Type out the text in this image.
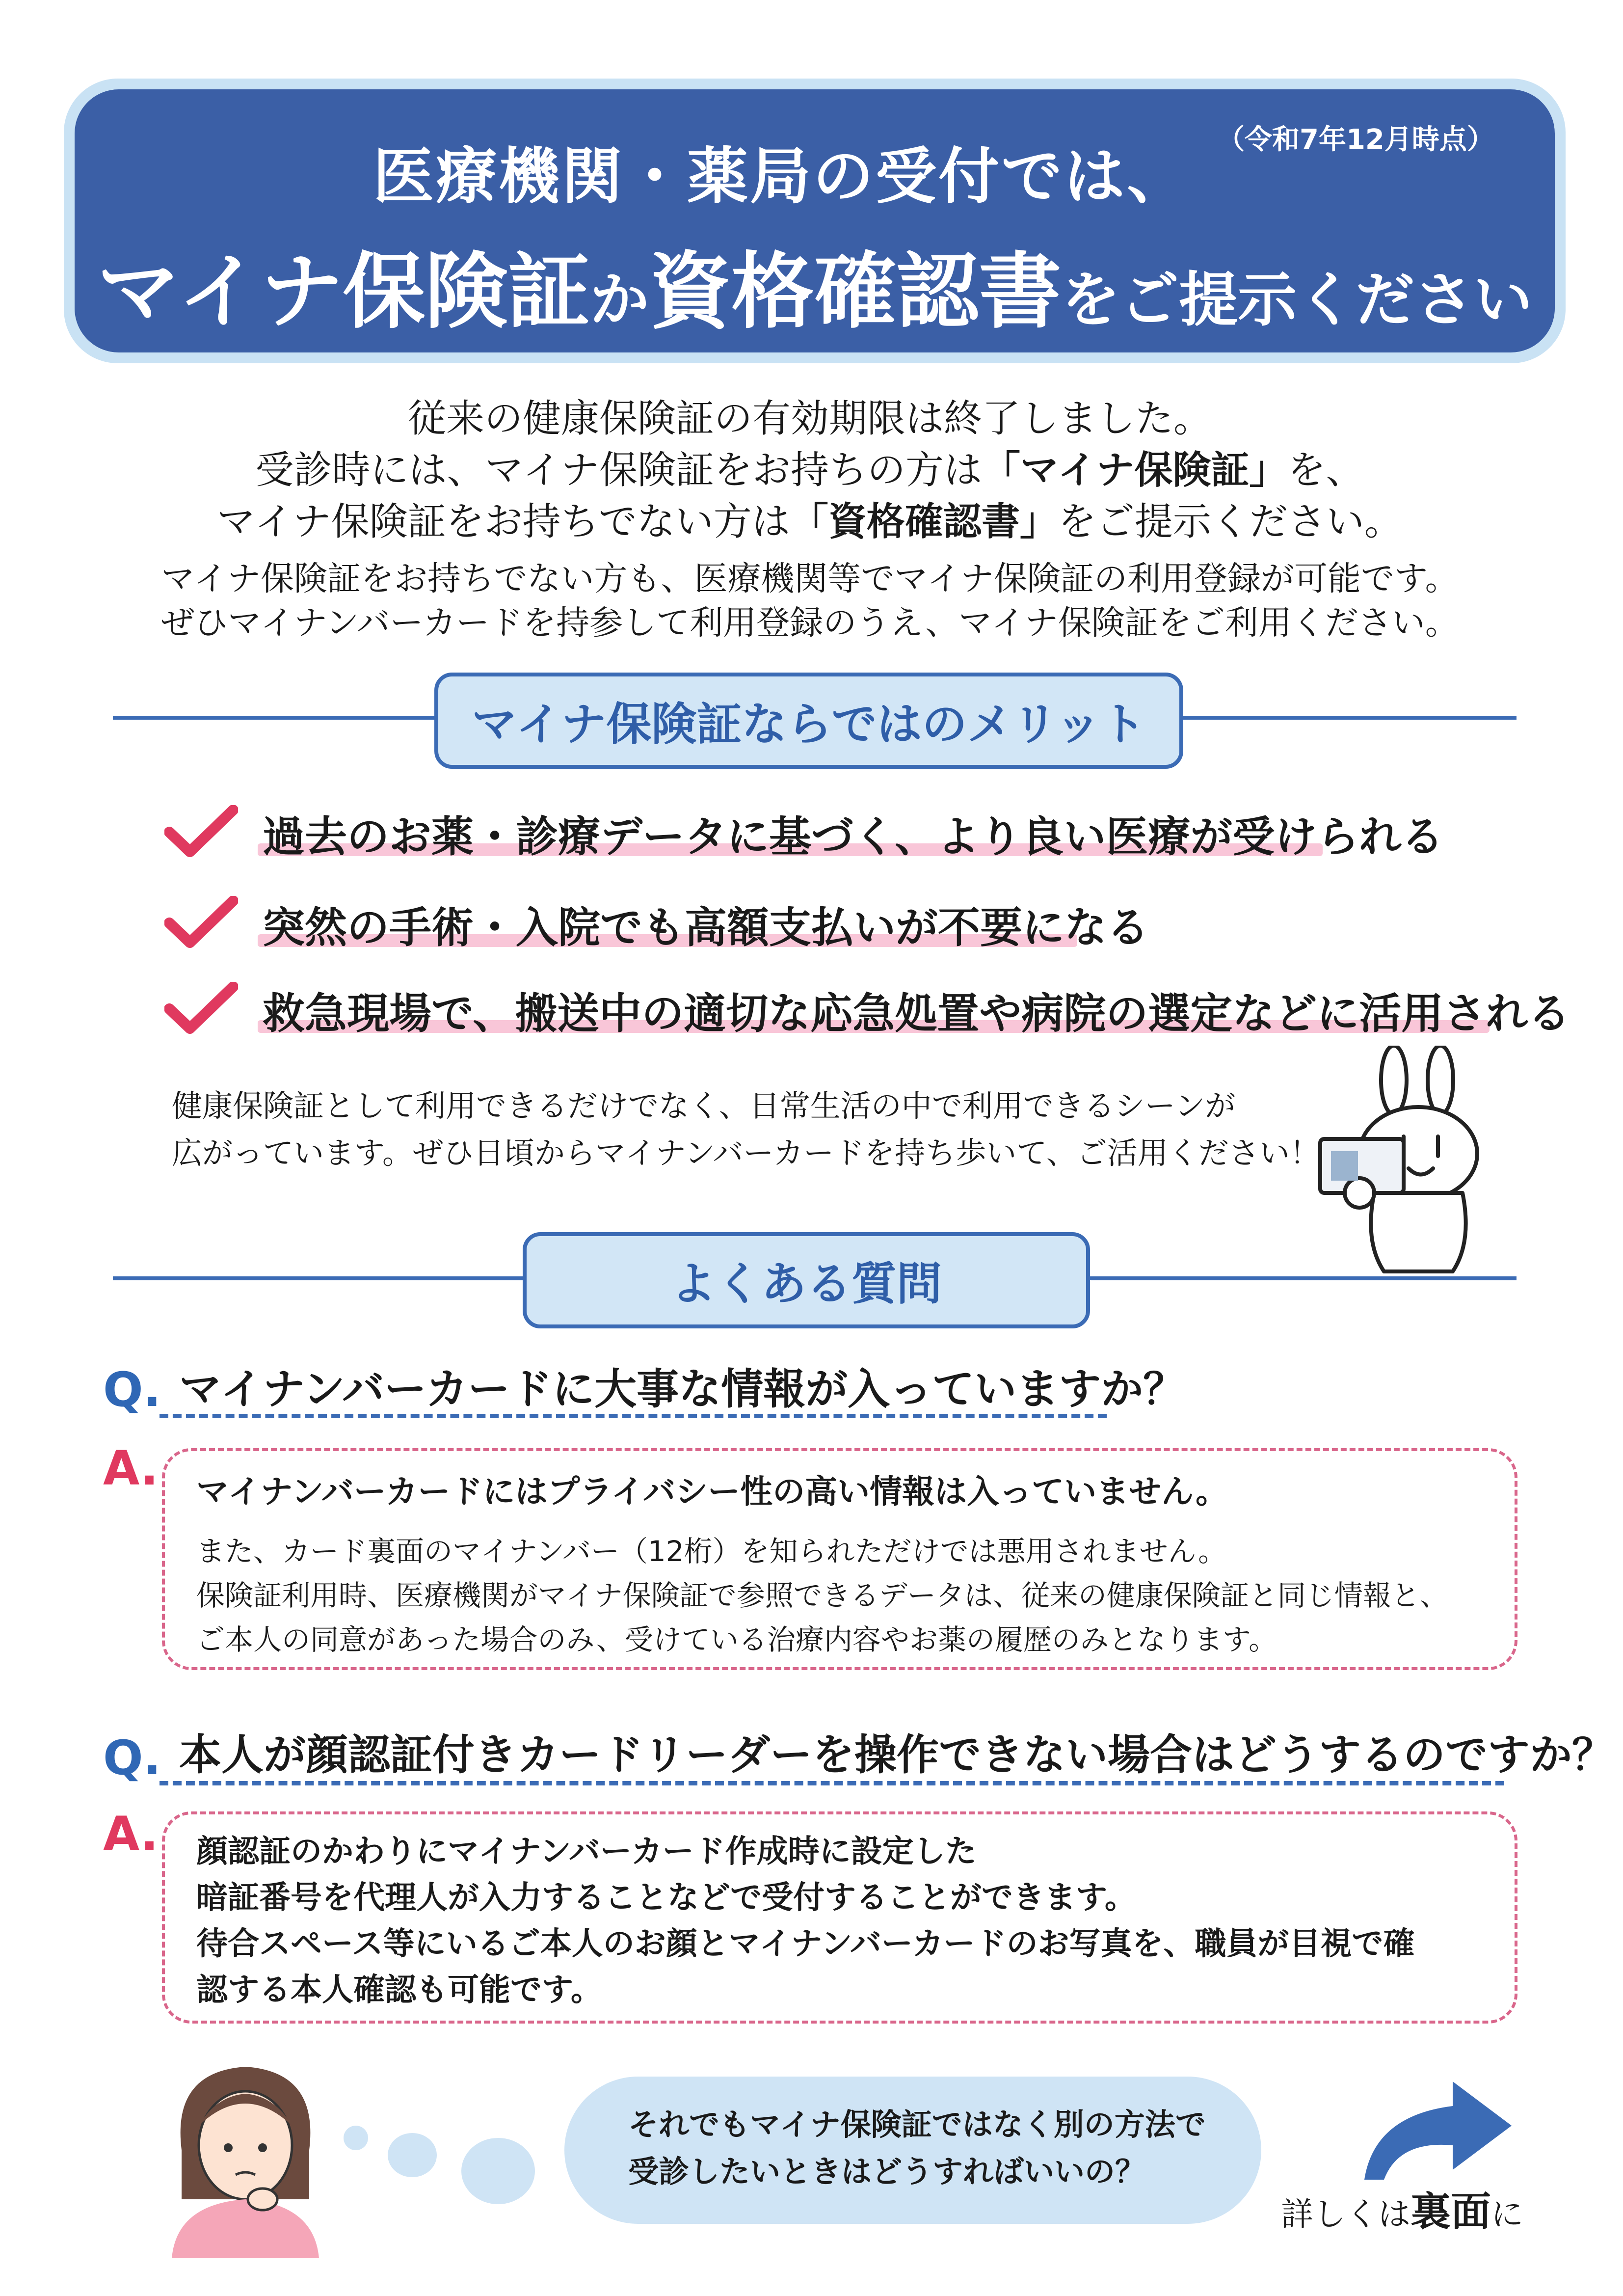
（令和7年12月時点）
医療機関・薬局の受付では、
マイナ保険証か資格確認書をご提示ください
従来の健康保険証の有効期限は終了しました。
受診時には、マイナ保険証をお持ちの方は「マイナ保険証」を、
マイナ保険証をお持ちでない方は「資格確認書」をご提示ください。
マイナ保険証をお持ちでない方も、医療機関等でマイナ保険証の利用登録が可能です。
ぜひマイナンバーカードを持参して利用登録のうえ、マイナ保険証をご利用ください。
マイナ保険証ならではのメリット
過去のお薬・診療データに基づく、より良い医療が受けられる
突然の手術・入院でも高額支払いが不要になる
救急現場で、搬送中の適切な応急処置や病院の選定などに活用される
健康保険証として利用できるだけでなく、日常生活の中で利用できるシーンが
広がっています。ぜひ日頃からマイナンバーカードを持ち歩いて、ご活用ください！
よくある質問
Q. マイナンバーカードに大事な情報が入っていますか？
A. マイナンバーカードにはプライバシー性の高い情報は入っていません。
また、カード裏面のマイナンバー（12桁）を知られただけでは悪用されません。
保険証利用時、医療機関がマイナ保険証で参照できるデータは、従来の健康保険証と同じ情報と、
ご本人の同意があった場合のみ、受けている治療内容やお薬の履歴のみとなります。
Q. 本人が顔認証付きカードリーダーを操作できない場合はどうするのですか？
A. 顔認証のかわりにマイナンバーカード作成時に設定した
暗証番号を代理人が入力することなどで受付することができます。
待合スペース等にいるご本人のお顔とマイナンバーカードのお写真を、職員が目視で確
認する本人確認も可能です。
それでもマイナ保険証ではなく別の方法で
受診したいときはどうすればいいの？
詳しくは裏面に
